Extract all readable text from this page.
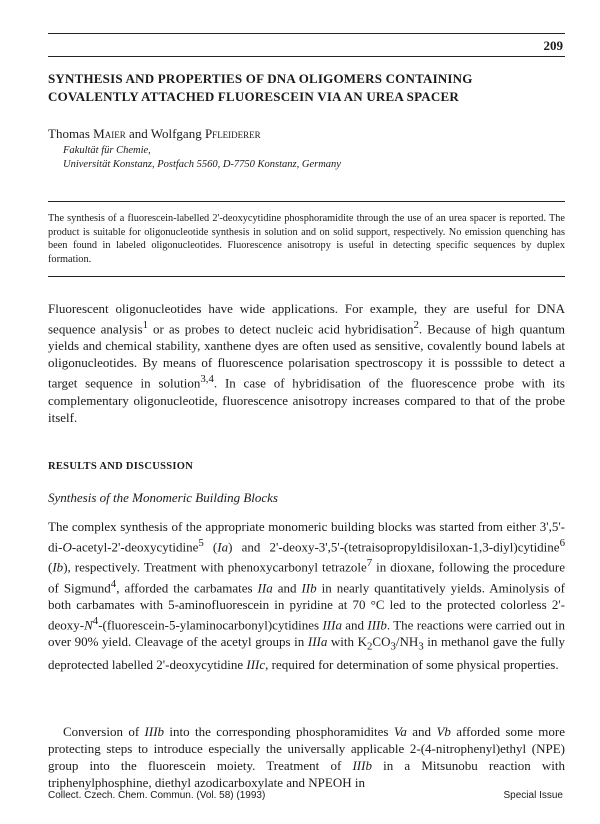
209
SYNTHESIS AND PROPERTIES OF DNA OLIGOMERS CONTAINING COVALENTLY ATTACHED FLUORESCEIN VIA AN UREA SPACER
Thomas Maier and Wolfgang Pfleiderer
Fakultät für Chemie,
Universität Konstanz, Postfach 5560, D-7750 Konstanz, Germany
The synthesis of a fluorescein-labelled 2'-deoxycytidine phosphoramidite through the use of an urea spacer is reported. The product is suitable for oligonucleotide synthesis in solution and on solid support, respectively. No emission quenching has been found in labeled oligonucleotides. Fluorescence anisotropy is useful in detecting specific sequences by duplex formation.
Fluorescent oligonucleotides have wide applications. For example, they are useful for DNA sequence analysis$^1$ or as probes to detect nucleic acid hybridisation$^2$. Because of high quantum yields and chemical stability, xanthene dyes are often used as sensitive, covalently bound labels at oligonucleotides. By means of fluorescence polarisation spectroscopy it is posssible to detect a target sequence in solution$^{3,4}$. In case of hybridisation of the fluorescence probe with its complementary oligonucleotide, fluorescence anisotropy increases compared to that of the probe itself.
RESULTS AND DISCUSSION
Synthesis of the Monomeric Building Blocks
The complex synthesis of the appropriate monomeric building blocks was started from either 3',5'-di-O-acetyl-2'-deoxycytidine$^5$ (Ia) and 2'-deoxy-3',5'-(tetraisopropyldisiloxan-1,3-diyl)cytidine$^6$ (Ib), respectively. Treatment with phenoxycarbonyl tetrazole$^7$ in dioxane, following the procedure of Sigmund$^4$, afforded the carbamates IIa and IIb in nearly quantitatively yields. Aminolysis of both carbamates with 5-aminofluorescein in pyridine at 70 °C led to the protected colorless $2'-deoxy-N^4-(fluorescein-5-ylaminocarbonyl)cytidines$ IIIa and IIIb. The reactions were carried out in over 90% yield. Cleavage of the acetyl groups in IIIa with $K_2CO_3/NH_3$ in methanol gave the fully deprotected labelled 2'-deoxycytidine IIIc, required for determination of some physical properties.
Conversion of IIIb into the corresponding phosphoramidites Va and Vb afforded some more protecting steps to introduce especially the universally applicable 2-(4-nitrophenyl)ethyl (NPE) group into the fluorescein moiety. Treatment of IIIb in a Mitsunobu reaction with triphenylphosphine, diethyl azodicarboxylate and NPEOH in
Collect. Czech. Chem. Commun. (Vol. 58) (1993)	Special Issue
